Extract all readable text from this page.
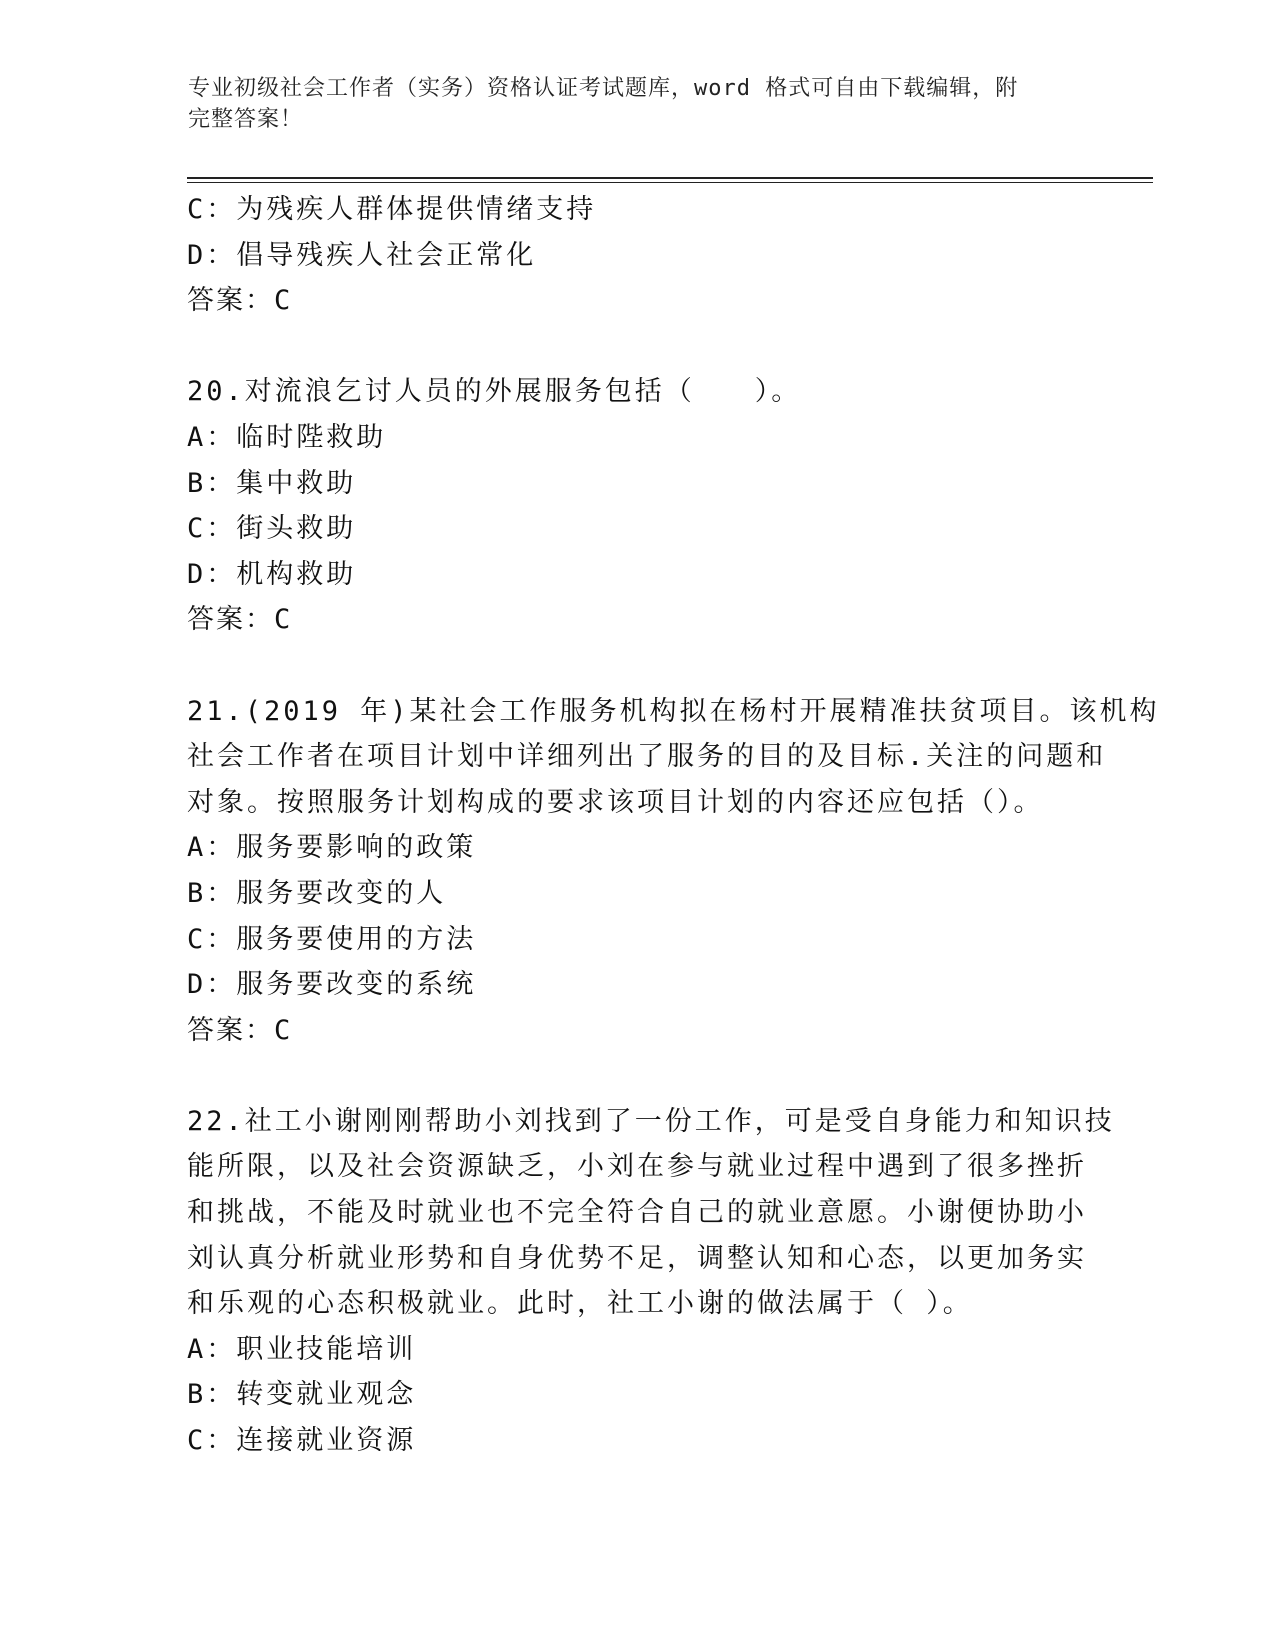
专业初级社会工作者（实务）资格认证考试题库，word 格式可自由下载编辑，附
完整答案！
C：为残疾人群体提供情绪支持
D：倡导残疾人社会正常化
答案：C
20.对流浪乞讨人员的外展服务包括（　　）。
A：临时陛救助
B：集中救助
C：街头救助
D：机构救助
答案：C
21.(2019 年)某社会工作服务机构拟在杨村开展精准扶贫项目。该机构
社会工作者在项目计划中详细列出了服务的目的及目标.关注的问题和
对象。按照服务计划构成的要求该项目计划的内容还应包括（）。
A：服务要影响的政策
B：服务要改变的人
C：服务要使用的方法
D：服务要改变的系统
答案：C
22.社工小谢刚刚帮助小刘找到了一份工作，可是受自身能力和知识技
能所限，以及社会资源缺乏，小刘在参与就业过程中遇到了很多挫折
和挑战，不能及时就业也不完全符合自己的就业意愿。小谢便协助小
刘认真分析就业形势和自身优势不足，调整认知和心态，以更加务实
和乐观的心态积极就业。此时，社工小谢的做法属于（ ）。
A：职业技能培训
B：转变就业观念
C：连接就业资源
